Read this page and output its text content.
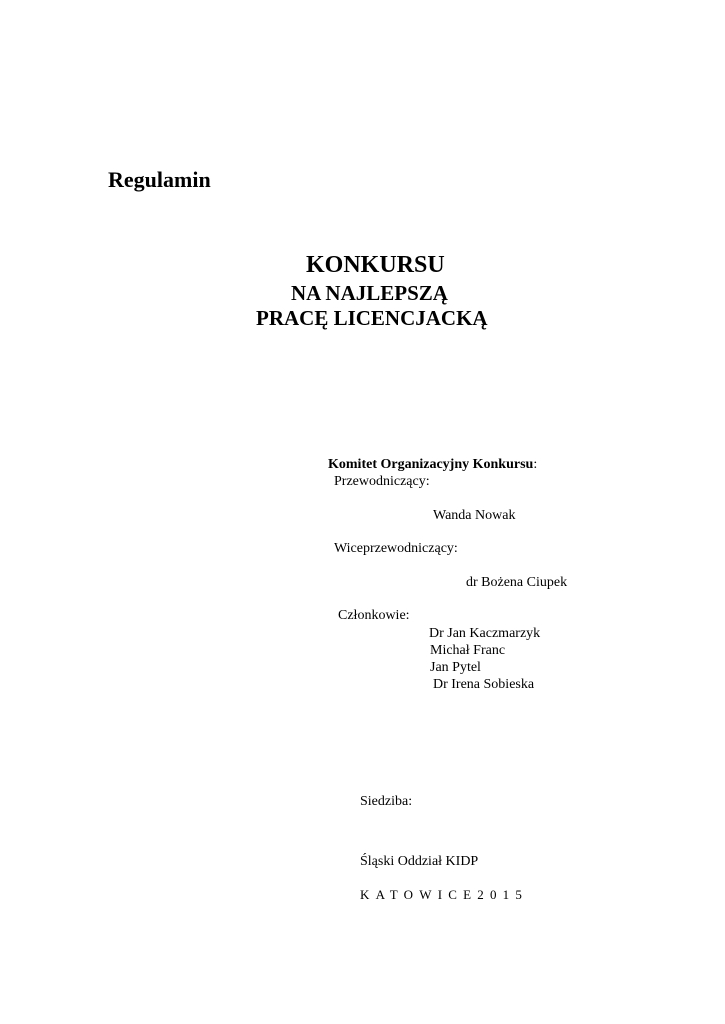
Regulamin
KONKURSU
NA NAJLEPSZĄ
PRACĘ LICENCJACKĄ
Komitet Organizacyjny Konkursu:
Przewodniczący:
Wanda Nowak
Wiceprzewodniczący:
dr Bożena Ciupek
Członkowie:
Dr Jan Kaczmarzyk
Michał Franc
Jan Pytel
Dr Irena Sobieska
Siedziba:
Śląski Oddział KIDP
KATOWICE2015
